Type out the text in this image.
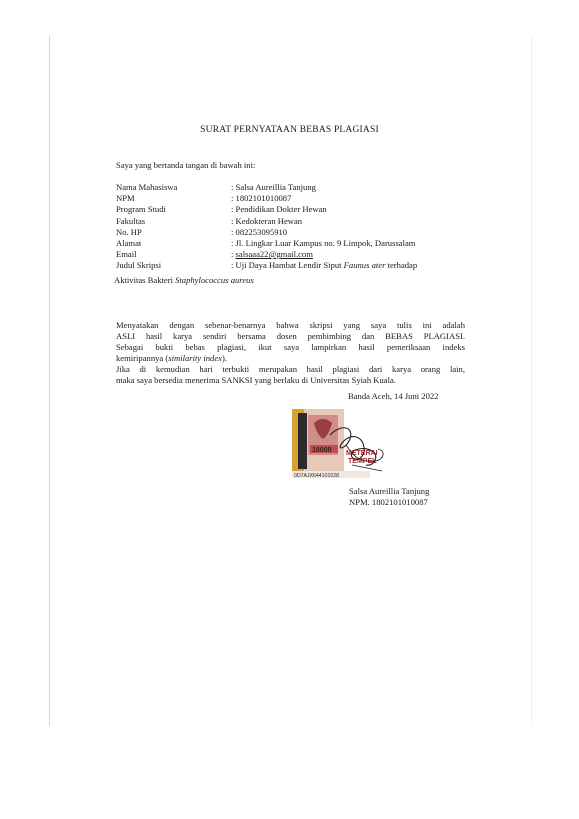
SURAT PERNYATAAN BEBAS PLAGIASI
Saya yang bertanda tangan di bawah ini:
Nama Mahasiswa	: Salsa Aureillia Tanjung
NPM	: 1802101010087
Program Studi	: Pendidikan Dokter Hewan
Fakultas	: Kedokteran Hewan
No. HP	: 082253095910
Alamat	: Jl. Lingkar Luar Kampus no. 9 Limpok, Darussalam
Email	: salsaaa22@gmail.com
Judul Skripsi	: Uji Daya Hambat Lendir Siput Faunus ater terhadap
Aktivitas Bakteri Staphylococcus aureus
Menyatakan dengan sebenar-benarnya bahwa skripsi yang saya tulis ini adalah
ASLI hasil karya sendiri bersama dosen pembimbing dan BEBAS PLAGIASI.
Sebagai bukti bebas plagiasi, ikut saya lampirkan hasil pemeriksaan indeks
kemiripannya (similarity index).
Jika di kemudian hari terbukti merupakan hasil plagiasi dari karya orang lain,
maka saya bersedia menerima SANKSI yang berlaku di Universitas Syiah Kuala.
Banda Aceh, 14 Juni 2022
10000 METERAI
TEMPEL
0D7AJX644101028
Salsa Aureillia Tanjung
NPM. 1802101010087
